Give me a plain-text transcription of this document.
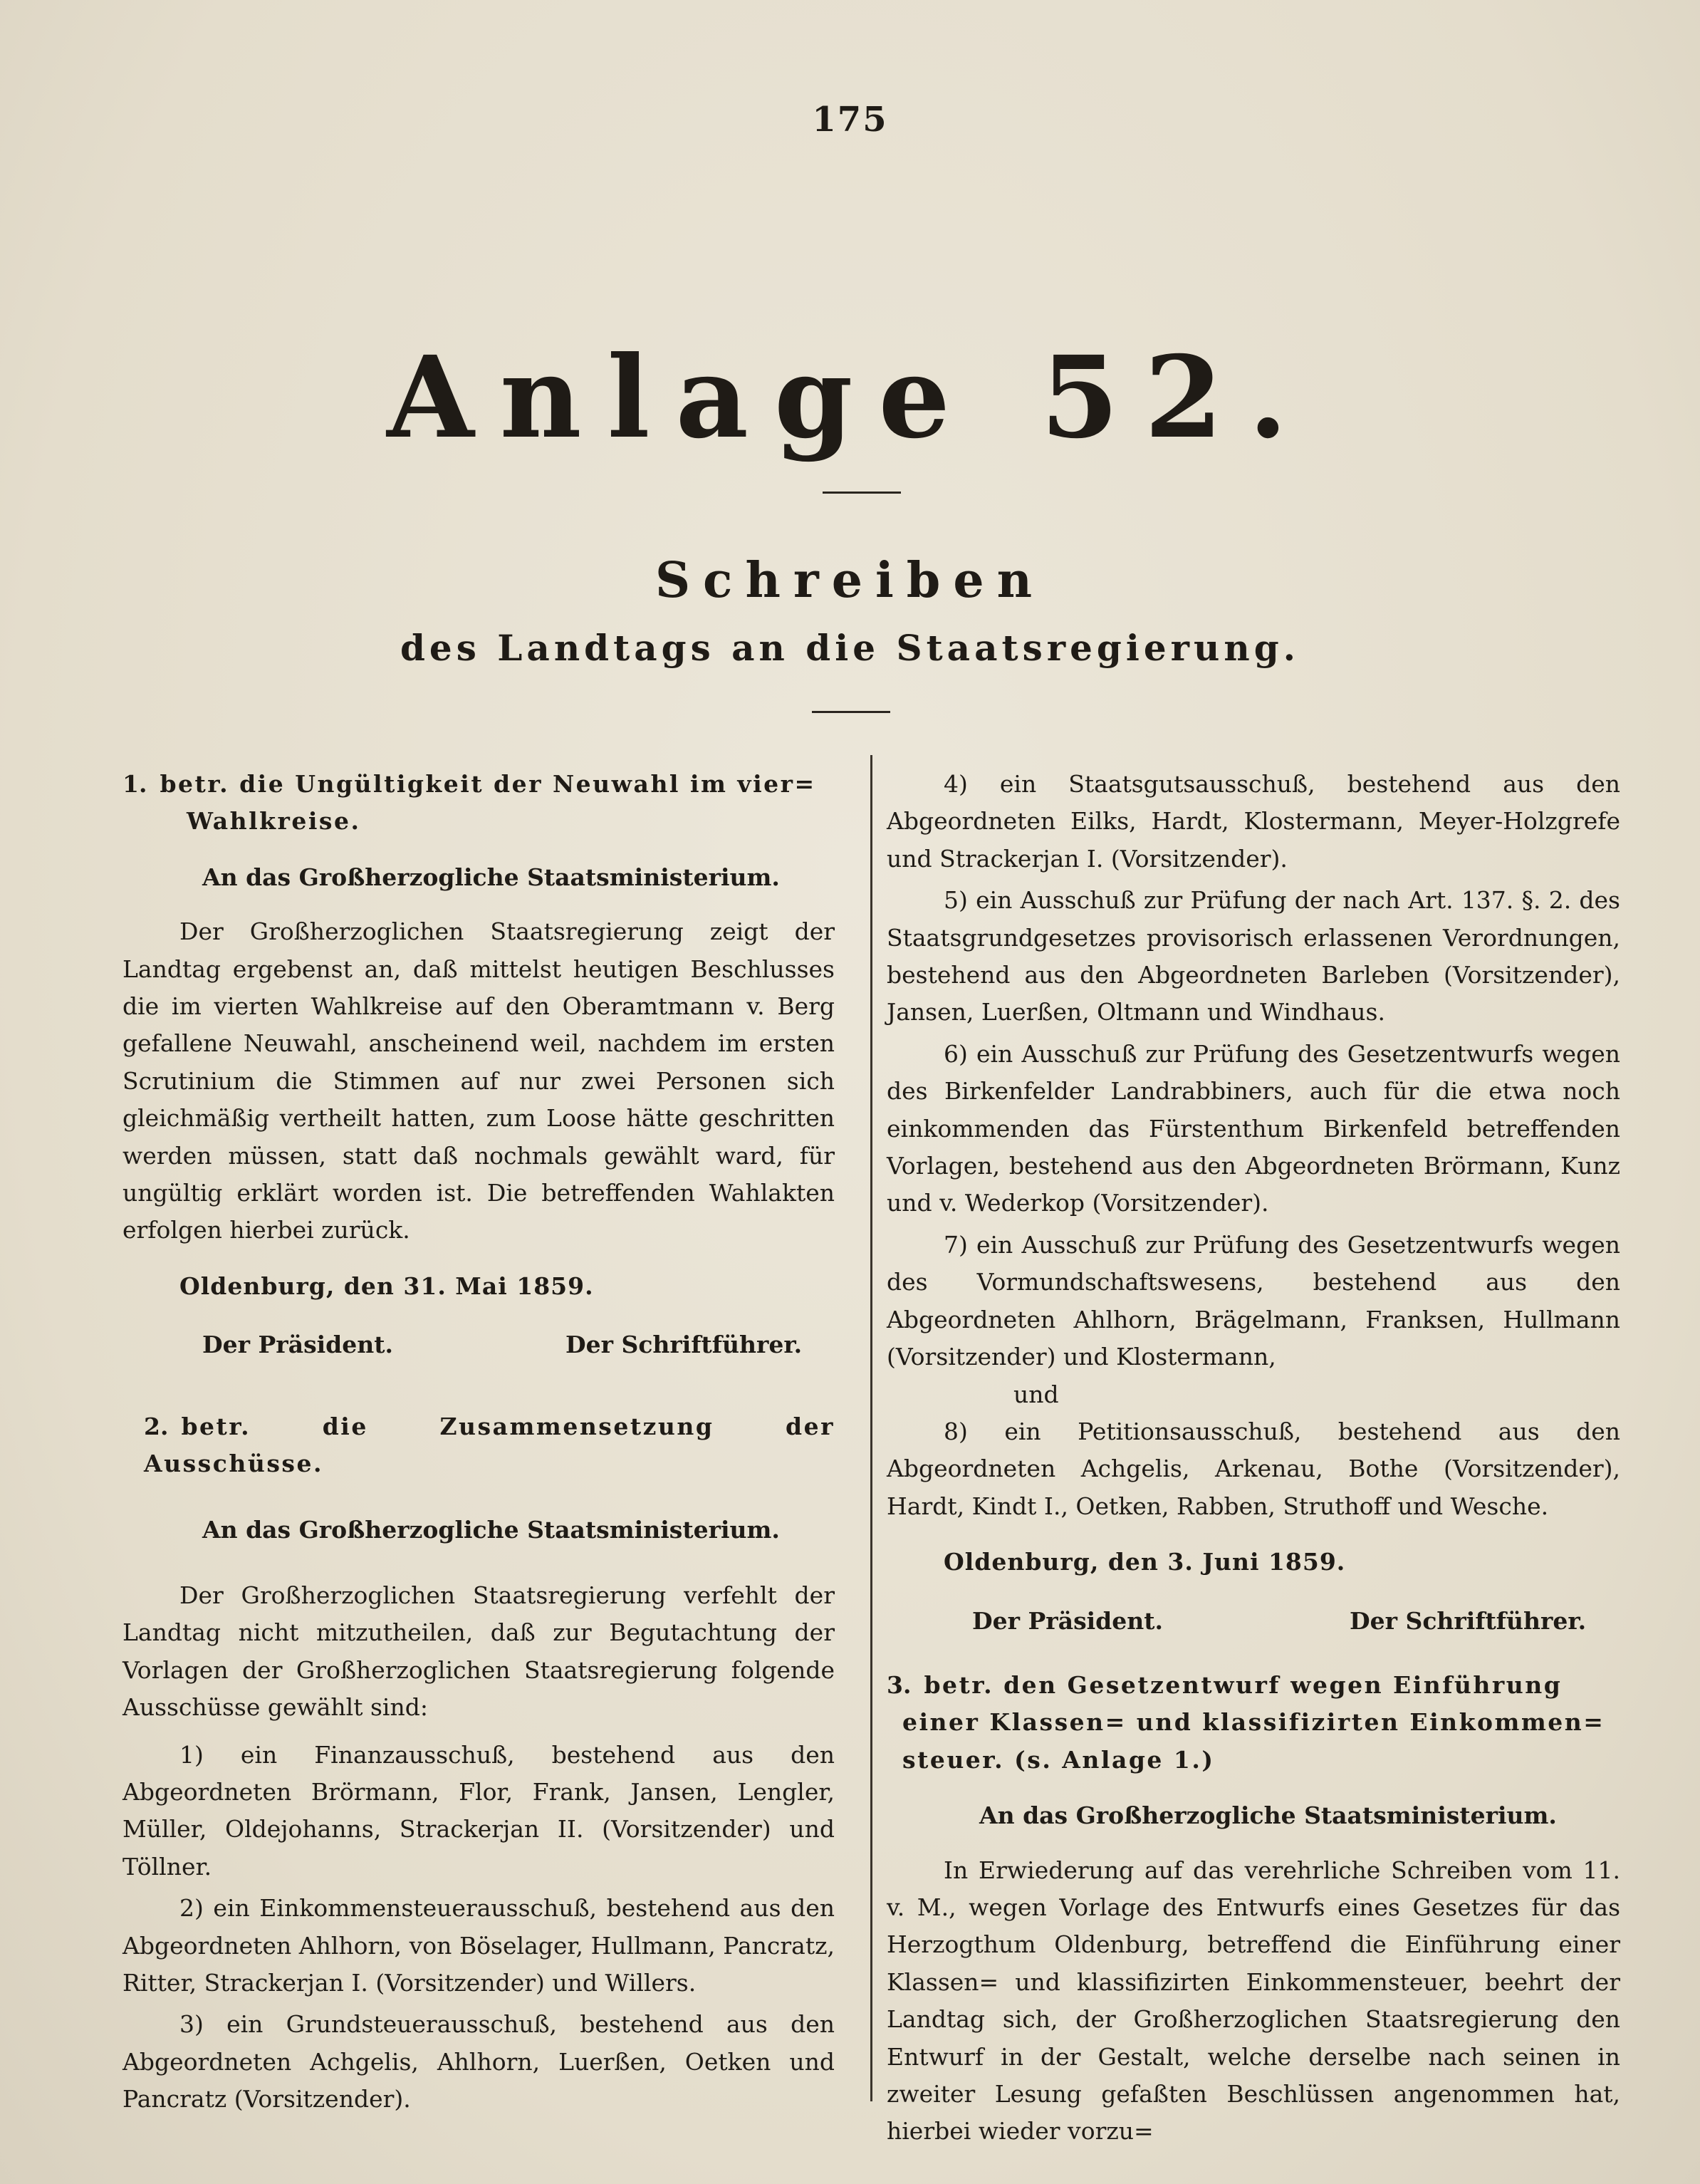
175
Anlage 52.
Schreiben
des Landtags an die Staatsregierung.

1. betr. die Ungültigkeit der Neuwahl im vier=

Wahlkreise.

An das Großherzogliche Staatsministerium.

Der Großherzoglichen Staatsregierung zeigt der Landtag ergebenst an, daß mittelst heutigen Beschlusses die im vierten Wahlkreise auf den Oberamtmann v. Berg gefallene Neuwahl, anscheinend weil, nachdem im ersten Scrutinium die Stimmen auf nur zwei Personen sich gleichmäßig vertheilt hatten, zum Loose hätte geschritten werden müssen, statt daß nochmals gewählt ward, für ungültig erklärt worden ist. Die betreffenden Wahlakten erfolgen hierbei zurück.

Oldenburg, den 31. Mai 1859.

Der Präsident.	Der Schriftführer.

2. betr. die Zusammensetzung der Ausschüsse.

An das Großherzogliche Staatsministerium.

Der Großherzoglichen Staatsregierung verfehlt der Landtag nicht mitzutheilen, daß zur Begutachtung der Vorlagen der Großherzoglichen Staatsregierung folgende Ausschüsse gewählt sind:

1) ein Finanzausschuß, bestehend aus den Abgeordneten Brörmann, Flor, Frank, Jansen, Lengler, Müller, Oldejohanns, Strackerjan II. (Vorsitzender) und Töllner.

2) ein Einkommensteuerausschuß, bestehend aus den Abgeordneten Ahlhorn, von Böselager, Hullmann, Pancratz, Ritter, Strackerjan I. (Vorsitzender) und Willers.

3) ein Grundsteuerausschuß, bestehend aus den Abgeordneten Achgelis, Ahlhorn, Luerßen, Oetken und Pancratz (Vorsitzender).

4) ein Staatsgutsausschuß, bestehend aus den Abgeordneten Eilks, Hardt, Klostermann, Meyer-Holzgrefe und Strackerjan I. (Vorsitzender).

5) ein Ausschuß zur Prüfung der nach Art. 137. §. 2. des Staatsgrundgesetzes provisorisch erlassenen Verordnungen, bestehend aus den Abgeordneten Barleben (Vorsitzender), Jansen, Luerßen, Oltmann und Windhaus.

6) ein Ausschuß zur Prüfung des Gesetzentwurfs wegen des Birkenfelder Landrabbiners, auch für die etwa noch einkommenden das Fürstenthum Birkenfeld betreffenden Vorlagen, bestehend aus den Abgeordneten Brörmann, Kunz und v. Wederkop (Vorsitzender).

7) ein Ausschuß zur Prüfung des Gesetzentwurfs wegen des Vormundschaftswesens, bestehend aus den Abgeordneten Ahlhorn, Brägelmann, Franksen, Hullmann (Vorsitzender) und Klostermann,

und

8) ein Petitionsausschuß, bestehend aus den Abgeordneten Achgelis, Arkenau, Bothe (Vorsitzender), Hardt, Kindt I., Oetken, Rabben, Struthoff und Wesche.

Oldenburg, den 3. Juni 1859.

Der Präsident.	Der Schriftführer.

3. betr. den Gesetzentwurf wegen Einführung

einer Klassen= und klassifizirten Einkommen=

steuer. (s. Anlage 1.)

An das Großherzogliche Staatsministerium.

In Erwiederung auf das verehrliche Schreiben vom 11. v. M., wegen Vorlage des Entwurfs eines Gesetzes für das Herzogthum Oldenburg, betreffend die Einführung einer Klassen= und klassifizirten Einkommensteuer, beehrt der Landtag sich, der Großherzoglichen Staatsregierung den Entwurf in der Gestalt, welche derselbe nach seinen in zweiter Lesung gefaßten Beschlüssen angenommen hat, hierbei wieder vorzu=
